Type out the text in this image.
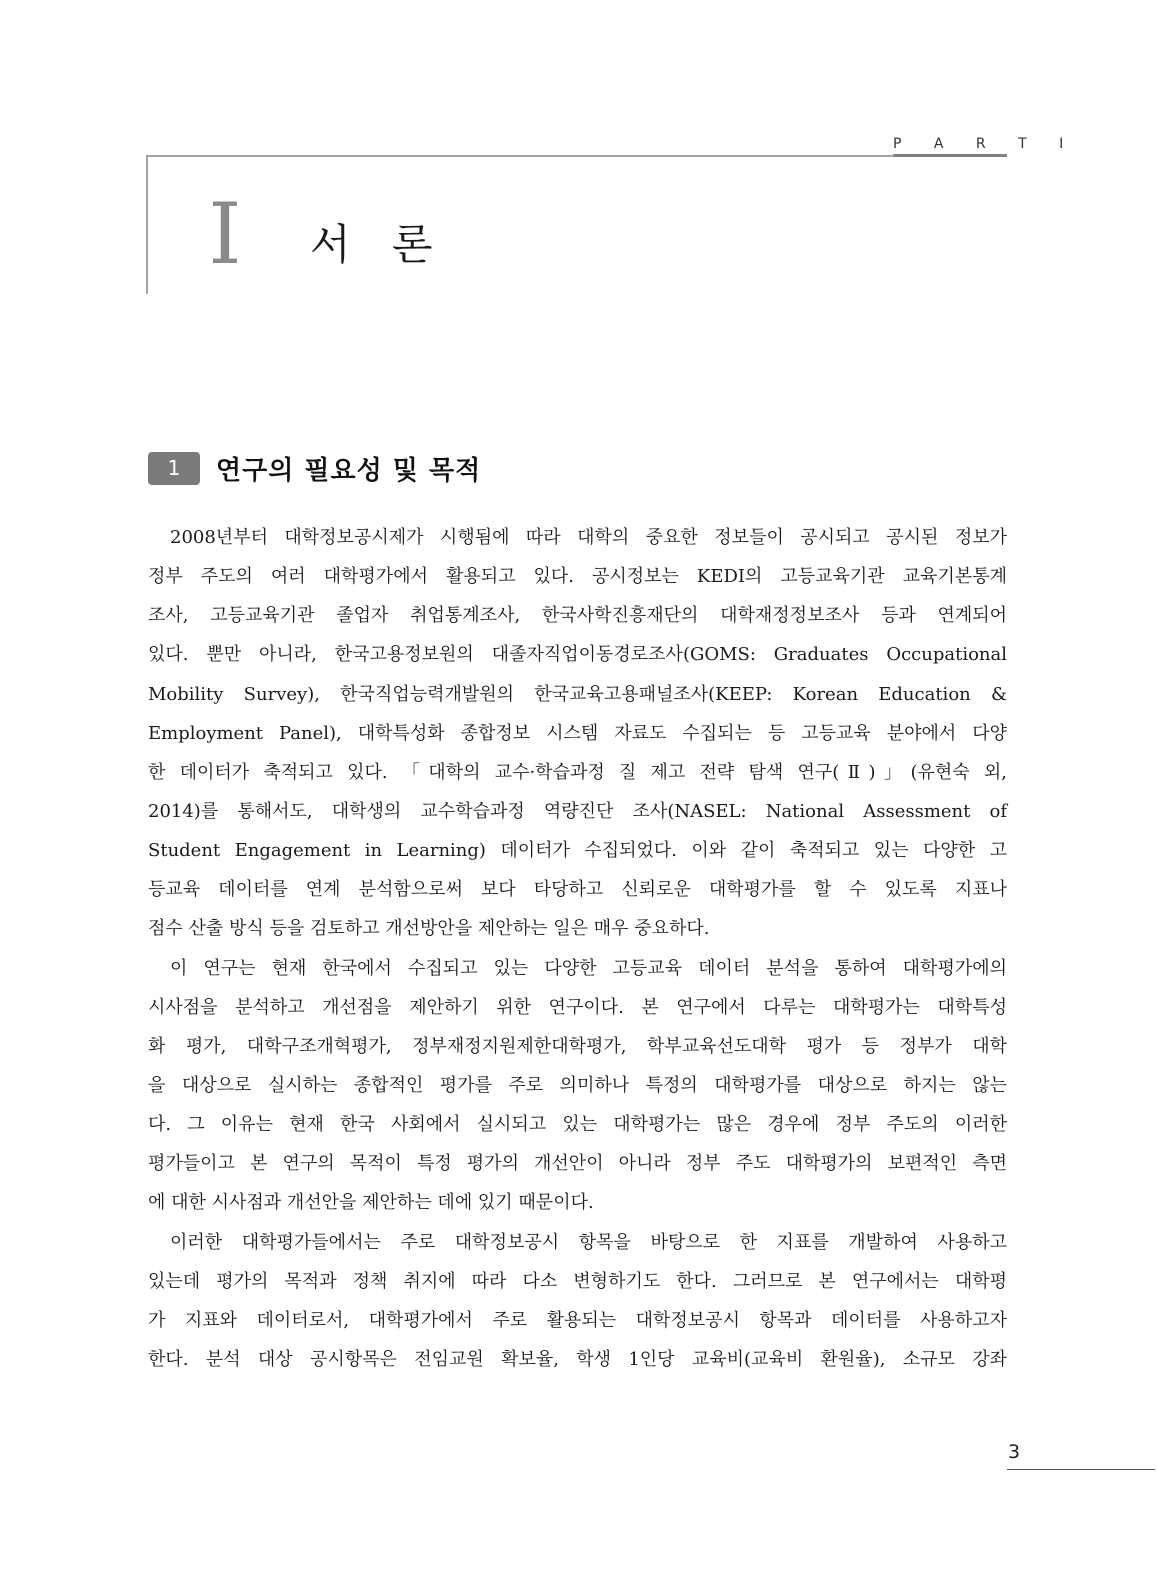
P A R T Ⅰ
I 서 론
1	연구의 필요성 및 목적
2008년부터 대학정보공시제가 시행됨에 따라 대학의 중요한 정보들이 공시되고 공시된 정보가
정부 주도의 여러 대학평가에서 활용되고 있다. 공시정보는 KEDI의 고등교육기관 교육기본통계
조사, 고등교육기관 졸업자 취업통계조사, 한국사학진흥재단의 대학재정정보조사 등과 연계되어
있다. 뿐만 아니라, 한국고용정보원의 대졸자직업이동경로조사(GOMS: Graduates Occupational
Mobility Survey), 한국직업능력개발원의 한국교육고용패널조사(KEEP: Korean Education &
Employment Panel), 대학특성화 종합정보 시스템 자료도 수집되는 등 고등교육 분야에서 다양
한 데이터가 축적되고 있다. 「대학의 교수·학습과정 질 제고 전략 탐색 연구(Ⅱ)」(유현숙 외,
2014)를 통해서도, 대학생의 교수학습과정 역량진단 조사(NASEL: National Assessment of
Student Engagement in Learning) 데이터가 수집되었다. 이와 같이 축적되고 있는 다양한 고
등교육 데이터를 연계 분석함으로써 보다 타당하고 신뢰로운 대학평가를 할 수 있도록 지표나
점수 산출 방식 등을 검토하고 개선방안을 제안하는 일은 매우 중요하다.
이 연구는 현재 한국에서 수집되고 있는 다양한 고등교육 데이터 분석을 통하여 대학평가에의
시사점을 분석하고 개선점을 제안하기 위한 연구이다. 본 연구에서 다루는 대학평가는 대학특성
화 평가, 대학구조개혁평가, 정부재정지원제한대학평가, 학부교육선도대학 평가 등 정부가 대학
을 대상으로 실시하는 종합적인 평가를 주로 의미하나 특정의 대학평가를 대상으로 하지는 않는
다. 그 이유는 현재 한국 사회에서 실시되고 있는 대학평가는 많은 경우에 정부 주도의 이러한
평가들이고 본 연구의 목적이 특정 평가의 개선안이 아니라 정부 주도 대학평가의 보편적인 측면
에 대한 시사점과 개선안을 제안하는 데에 있기 때문이다.
이러한 대학평가들에서는 주로 대학정보공시 항목을 바탕으로 한 지표를 개발하여 사용하고
있는데 평가의 목적과 정책 취지에 따라 다소 변형하기도 한다. 그러므로 본 연구에서는 대학평
가 지표와 데이터로서, 대학평가에서 주로 활용되는 대학정보공시 항목과 데이터를 사용하고자
한다. 분석 대상 공시항목은 전임교원 확보율, 학생 1인당 교육비(교육비 환원율), 소규모 강좌
3
